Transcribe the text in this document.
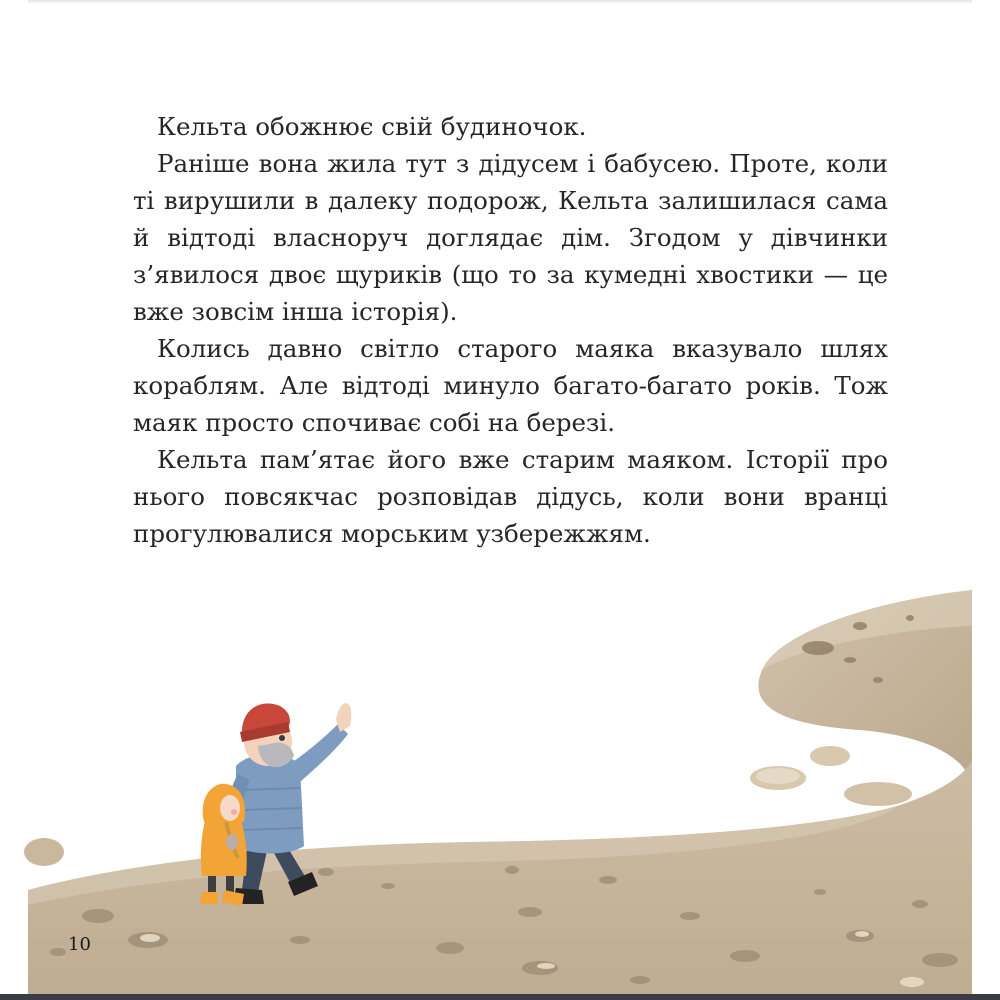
Кельта обожнює свій будиночок.

Раніше вона жила тут з дідусем і бабусею. Проте, коли ті вирушили в далеку подорож, Кельта залишилася сама й відтоді власноруч доглядає дім. Згодом у дівчинки з’явилося двоє щуриків (що то за кумедні хвостики — це вже зовсім інша історія).

Колись давно світло старого маяка вказувало шлях кораблям. Але відтоді минуло багато-багато років. Тож маяк просто спочиває собі на березі.

Кельта пам’ятає його вже старим маяком. Історії про нього повсякчас розповідав дідусь, коли вони вранці прогулювалися морським узбережжям.

10
